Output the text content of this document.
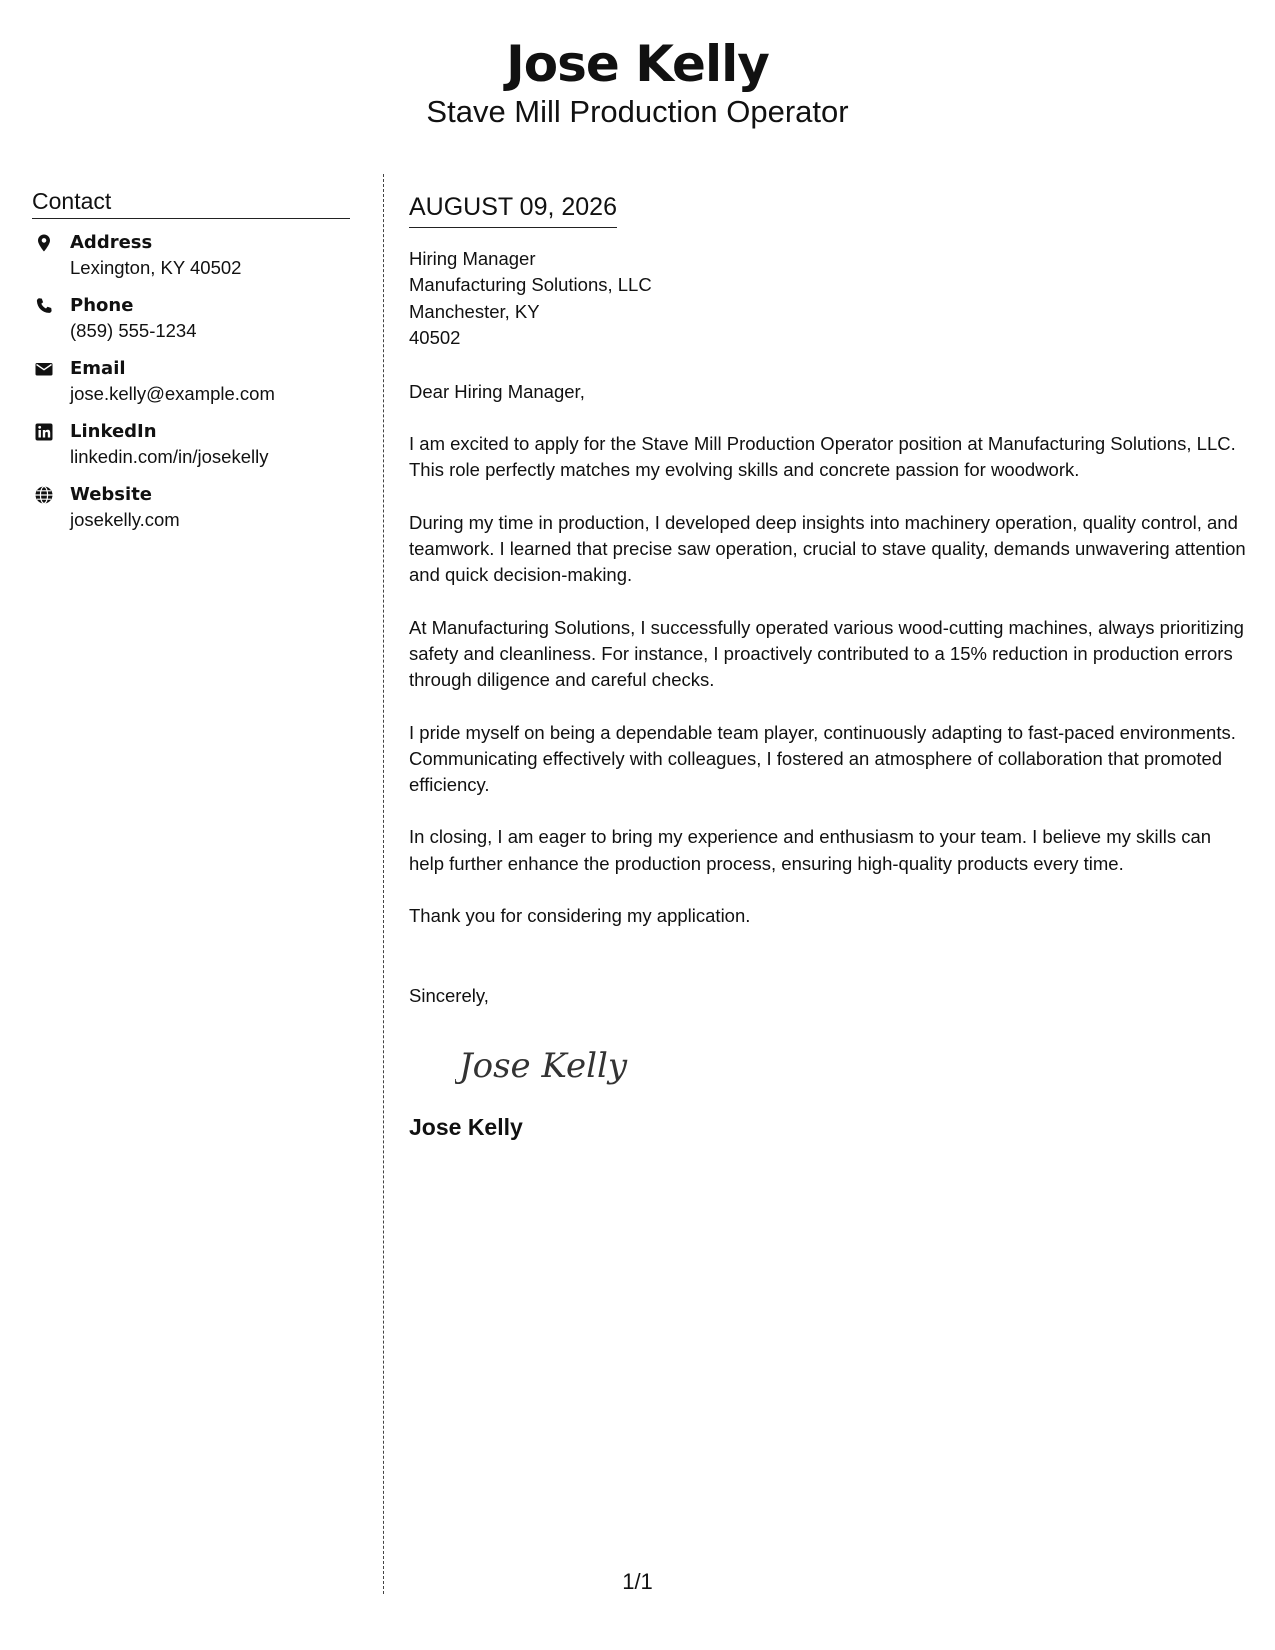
Jose Kelly
Stave Mill Production Operator
Contact
Address
Lexington, KY 40502
Phone
(859) 555-1234
Email
jose.kelly@example.com
LinkedIn
linkedin.com/in/josekelly
Website
josekelly.com
AUGUST 09, 2026
Hiring Manager
Manufacturing Solutions, LLC
Manchester, KY
40502
Dear Hiring Manager,
I am excited to apply for the Stave Mill Production Operator position at Manufacturing Solutions, LLC. This role perfectly matches my evolving skills and concrete passion for woodwork.
During my time in production, I developed deep insights into machinery operation, quality control, and teamwork. I learned that precise saw operation, crucial to stave quality, demands unwavering attention and quick decision-making.
At Manufacturing Solutions, I successfully operated various wood-cutting machines, always prioritizing safety and cleanliness. For instance, I proactively contributed to a 15% reduction in production errors through diligence and careful checks.
I pride myself on being a dependable team player, continuously adapting to fast-paced environments. Communicating effectively with colleagues, I fostered an atmosphere of collaboration that promoted efficiency.
In closing, I am eager to bring my experience and enthusiasm to your team. I believe my skills can help further enhance the production process, ensuring high-quality products every time.
Thank you for considering my application.
Sincerely,
Jose Kelly
Jose Kelly
1/1
